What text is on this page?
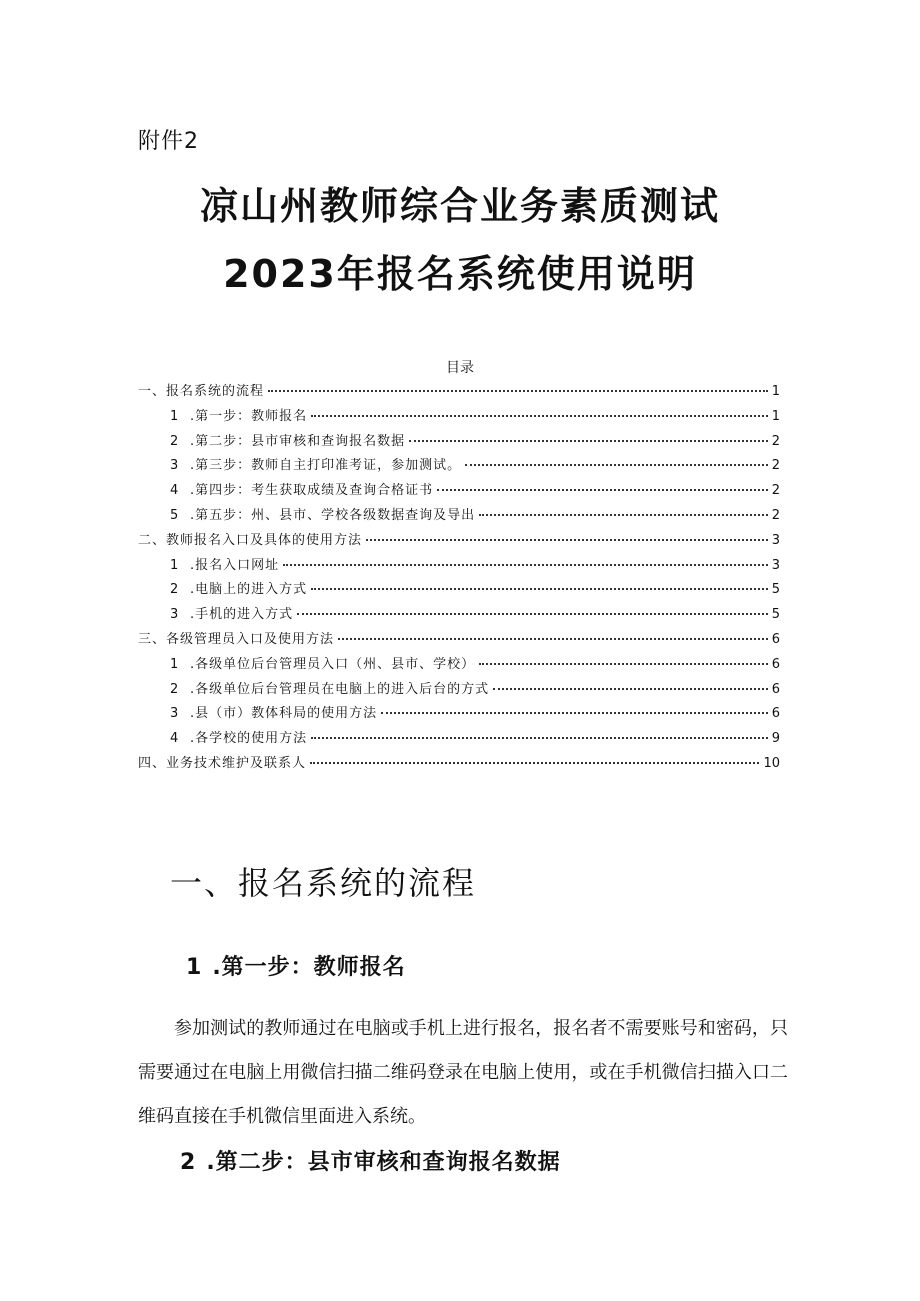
附件2
凉山州教师综合业务素质测试
2023年报名系统使用说明
目录
一、报名系统的流程	1
1 .第一步：教师报名	1
2 .第二步：县市审核和查询报名数据	2
3 .第三步：教师自主打印准考证，参加测试。	2
4 .第四步：考生获取成绩及查询合格证书	2
5 .第五步：州、县市、学校各级数据查询及导出	2
二、教师报名入口及具体的使用方法	3
1 .报名入口网址	3
2 .电脑上的进入方式	5
3 .手机的进入方式	5
三、各级管理员入口及使用方法	6
1 .各级单位后台管理员入口（州、县市、学校）	6
2 .各级单位后台管理员在电脑上的进入后台的方式	6
3 .县（市）教体科局的使用方法	6
4 .各学校的使用方法	9
四、业务技术维护及联系人	10
一、报名系统的流程
1 .第一步：教师报名
参加测试的教师通过在电脑或手机上进行报名，报名者不需要账号和密码，只需要通过在电脑上用微信扫描二维码登录在电脑上使用，或在手机微信扫描入口二维码直接在手机微信里面进入系统。
2 .第二步：县市审核和查询报名数据
